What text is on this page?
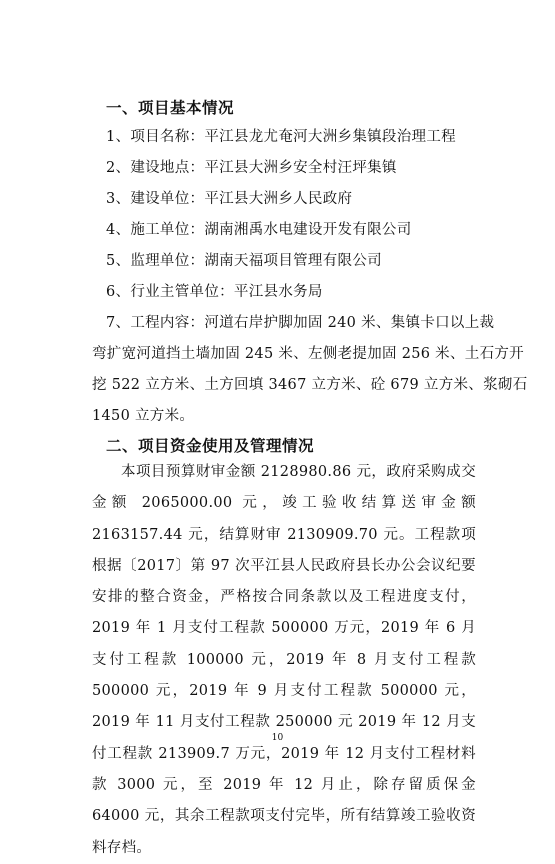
一、项目基本情况
1、项目名称：平江县龙尤奄河大洲乡集镇段治理工程
2、建设地点：平江县大洲乡安全村汪坪集镇
3、建设单位：平江县大洲乡人民政府
4、施工单位：湖南湘禹水电建设开发有限公司
5、监理单位：湖南天福项目管理有限公司
6、行业主管单位：平江县水务局
7、工程内容：河道右岸护脚加固 240 米、集镇卡口以上裁
弯扩宽河道挡土墙加固 245 米、左侧老提加固 256 米、土石方开
挖 522 立方米、土方回填 3467 立方米、砼 679 立方米、浆砌石
1450 立方米。
二、项目资金使用及管理情况
本项目预算财审金额 2128980.86 元，政府采购成交金额 2065000.00 元，竣工验收结算送审金额 2163157.44 元，结算财审 2130909.70 元。工程款项根据〔2017〕第 97 次平江县人民政府县长办公会议纪要安排的整合资金，严格按合同条款以及工程进度支付，2019 年 1 月支付工程款 500000 万元，2019 年 6 月支付工程款 100000 元，2019 年 8 月支付工程款 500000 元，2019 年 9 月支付工程款 500000 元，2019 年 11 月支付工程款 250000 元 2019 年 12 月支付工程款 213909.7 万元，2019 年 12 月支付工程材料款 3000 元，至 2019 年 12 月止，除存留质保金 64000 元，其余工程款项支付完毕，所有结算竣工验收资料存档。
10
